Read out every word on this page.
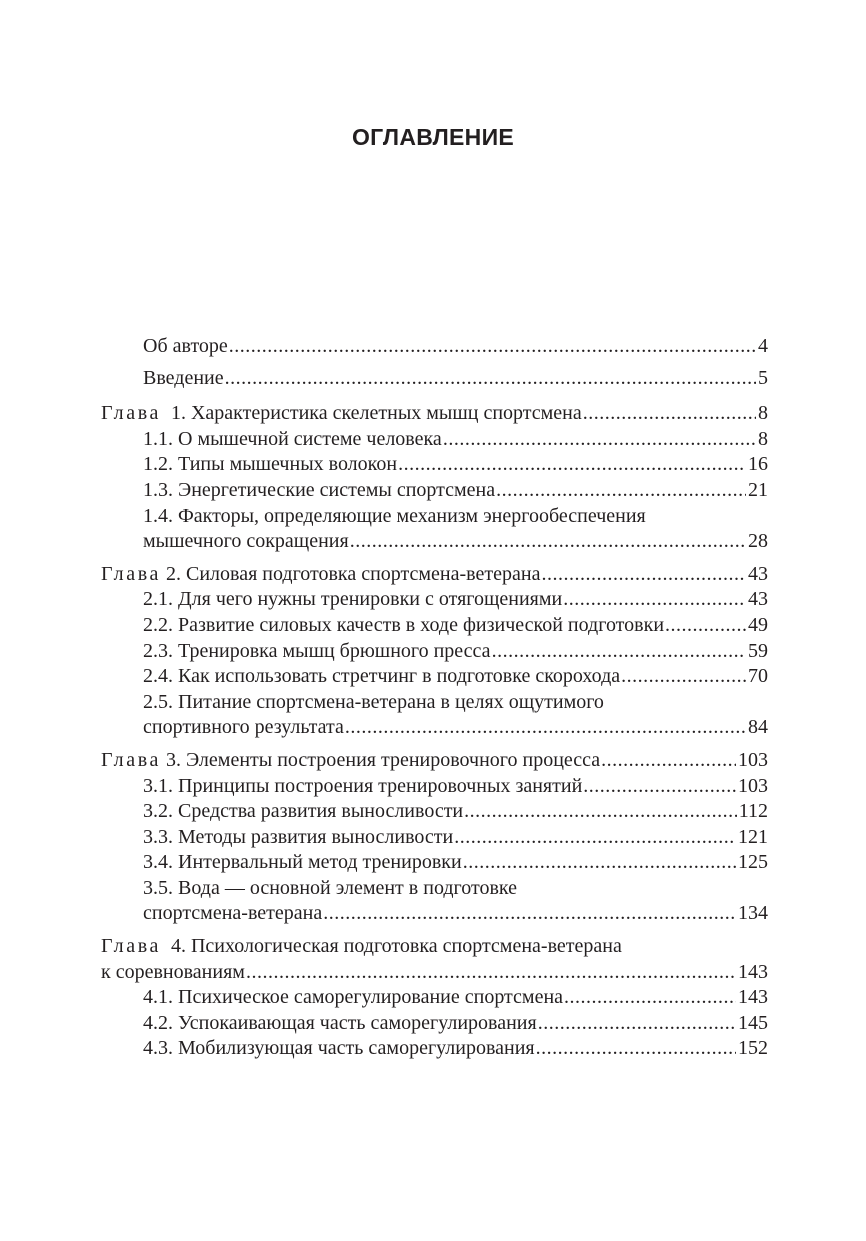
ОГЛАВЛЕНИЕ
Об авторе .....	4
Введение .....	5
Глава 1. Характеристика скелетных мышц спортсмена .....	8
1.1. О мышечной системе человека .....	8
1.2. Типы мышечных волокон .....	16
1.3. Энергетические системы спортсмена .....	21
1.4. Факторы, определяющие механизм энергообеспечения
мышечного сокращения .....	28
Глава 2. Силовая подготовка спортсмена-ветерана .....	43
2.1. Для чего нужны тренировки с отягощениями .....	43
2.2. Развитие силовых качеств в ходе физической подготовки .....	49
2.3. Тренировка мышц брюшного пресса .....	59
2.4. Как использовать стретчинг в подготовке скорохода .....	70
2.5. Питание спортсмена-ветерана в целях ощутимого
спортивного результата .....	84
Глава 3. Элементы построения тренировочного процесса .....	103
3.1. Принципы построения тренировочных занятий .....	103
3.2. Средства развития выносливости .....	112
3.3. Методы развития выносливости .....	121
3.4. Интервальный метод тренировки .....	125
3.5. Вода — основной элемент в подготовке
спортсмена-ветерана .....	134
Глава 4. Психологическая подготовка спортсмена-ветерана
к соревнованиям .....	143
4.1. Психическое саморегулирование спортсмена .....	143
4.2. Успокаивающая часть саморегулирования .....	145
4.3. Мобилизующая часть саморегулирования .....	152
